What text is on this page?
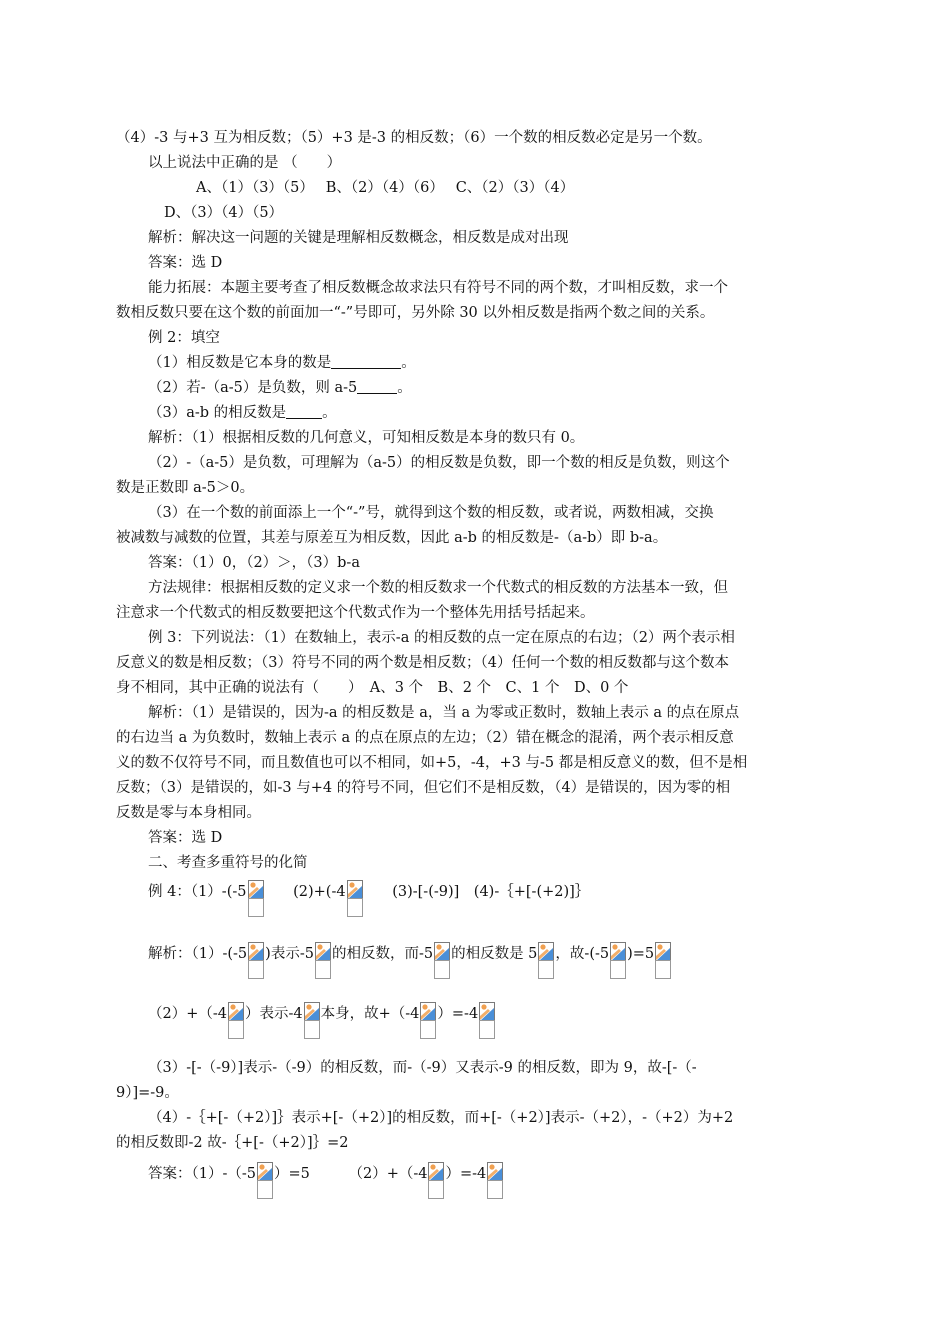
（4）-3 与+3 互为相反数；（5）+3 是-3 的相反数；（6）一个数的相反数必定是另一个数。
以上说法中正确的是 （　　）
A、（1）（3）（5）　 B、（2）（4）（6）　 C、（2）（3）（4）
D、（3）（4）（5）
解析：解决这一问题的关键是理解相反数概念，相反数是成对出现
答案：选 D
能力拓展：本题主要考查了相反数概念故求法只有符号不同的两个数，才叫相反数，求一个
数相反数只要在这个数的前面加一“-”号即可，另外除 30 以外相反数是指两个数之间的关系。
例 2：填空
（1）相反数是它本身的数是	。
（2）若-（a-5）是负数，则 a-5	。
（3）a-b 的相反数是 。
解析：（1）根据相反数的几何意义，可知相反数是本身的数只有 0。
（2）-（a-5）是负数，可理解为（a-5）的相反数是负数，即一个数的相反是负数，则这个
数是正数即 a-5＞0。
（3）在一个数的前面添上一个“-”号，就得到这个数的相反数，或者说，两数相减，交换
被减数与减数的位置，其差与原差互为相反数，因此 a-b 的相反数是-（a-b）即 b-a。
答案：（1）0，（2）＞，（3）b-a
方法规律：根据相反数的定义求一个数的相反数求一个代数式的相反数的方法基本一致，但
注意求一个代数式的相反数要把这个代数式作为一个整体先用括号括起来。
例 3：下列说法：（1）在数轴上，表示-a 的相反数的点一定在原点的右边；（2）两个表示相
反意义的数是相反数；（3）符号不同的两个数是相反数；（4）任何一个数的相反数都与这个数本
身不相同，其中正确的说法有（　　）　A、3 个　B、2 个　C、1 个　D、0 个
解析：（1）是错误的，因为-a 的相反数是 a，当 a 为零或正数时，数轴上表示 a 的点在原点
的右边当 a 为负数时，数轴上表示 a 的点在原点的左边；（2）错在概念的混淆，两个表示相反意
义的数不仅符号不同，而且数值也可以不相同，如+5，-4，+3 与-5 都是相反意义的数，但不是相
反数；（3）是错误的，如-3 与+4 的符号不同，但它们不是相反数，（4）是错误的，因为零的相
反数是零与本身相同。
答案：选 D
二、考查多重符号的化简
例 4：（1）-(-5	(2)+(-4	(3)-[-(-9)]　(4)-｛+[-(+2)]｝
解析：（1）-(-5 )表示-5 的相反数，而-5 的相反数是 5 ，故-(-5 )=5
（2）+（-4 ）表示-4 本身，故+（-4 ）=-4
（3）-[-（-9）]表示-（-9）的相反数，而-（-9）又表示-9 的相反数，即为 9，故-[-（-
9）]=-9。
（4）-｛+[-（+2）]｝表示+[-（+2）]的相反数，而+[-（+2）]表示-（+2），-（+2）为+2
的相反数即-2 故-｛+[-（+2）]｝=2
答案：（1）-（-5 ）=5	（2）+（-4 ）=-4
